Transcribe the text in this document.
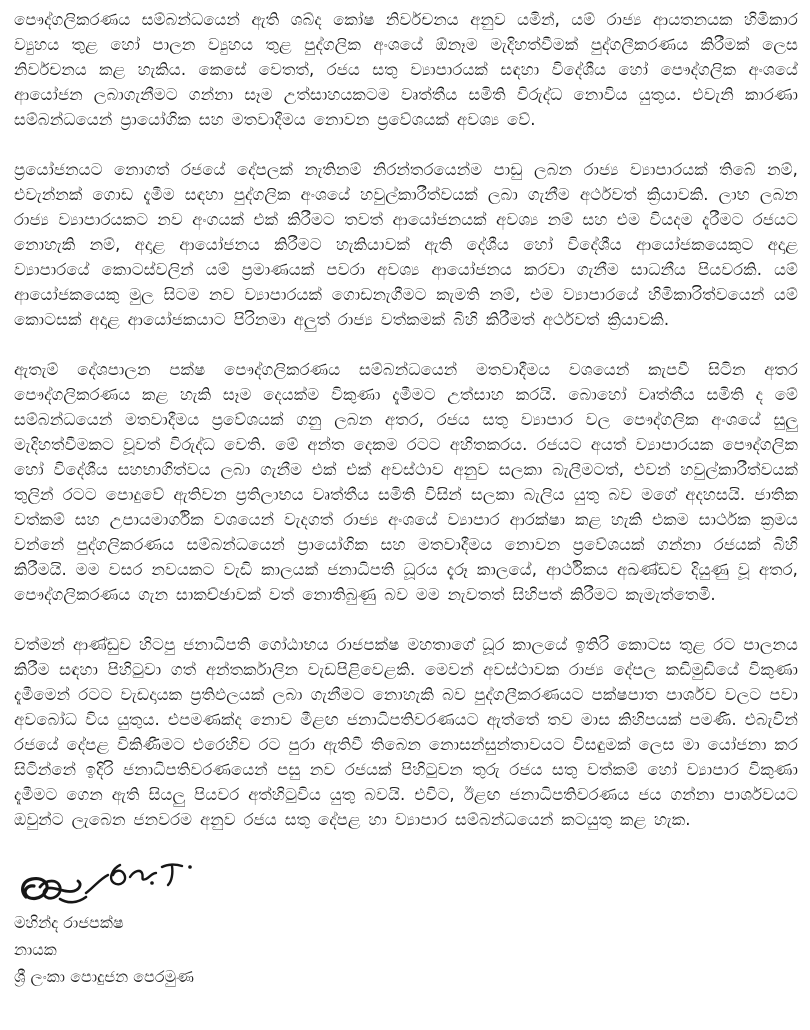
පෞද්ගලිකරණය සම්බන්ධයෙන් ඇති ශබ්ද කෝෂ නිර්වචනය අනුව යමින්, යම් රාජ්‍ය ආයතනයක හිමිකාර ව්‍යුහය තුළ හෝ පාලන ව්‍යුහය තුළ පුද්ගලික අංශයේ ඕනෑම මැදිහත්වීමක් පුද්ගලීකරණය කිරීමක් ලෙස නිර්වචනය කළ හැකිය. කෙසේ වෙතත්, රජය සතු ව්‍යාපාරයක් සඳහා විදේශීය හෝ පෞද්ගලික අංශයේ ආයෝජන ලබාගැනීමට ගන්නා සෑම උත්සාහයකටම වෘත්තීය සමිති විරුද්ධ නොවිය යුතුය. එවැනි කාරණා සම්බන්ධයෙන් ප්‍රායෝගික සහ මතවාදීමය නොවන ප්‍රවේශයක් අවශ්‍ය වේ.

ප්‍රයෝජනයට නොගත් රජයේ දේපලක් නැතිනම් නිරන්තරයෙන්ම පාඩු ලබන රාජ්‍ය ව්‍යාපාරයක් තිබේ නම්, එවැන්නක් ගොඩ දැමීම සඳහා පුද්ගලික අංශයේ හවුල්කාරීත්වයක් ලබා ගැනීම අර්ථවත් ක්‍රියාවකි. ලාභ ලබන රාජ්‍ය ව්‍යාපාරයකට නව අංගයක් එක් කිරීමට තවත් ආයෝජනයක් අවශ්‍ය නම් සහ එම වියදම දැරීමට රජයට නොහැකි නම්, අදාළ ආයෝජනය කිරීමට හැකියාවක් ඇති දේශීය හෝ විදේශීය ආයෝජකයෙකුට අදාළ ව්‍යාපාරයේ කොටස්වලින් යම් ප්‍රමාණයක් පවරා අවශ්‍ය ආයෝජනය කරවා ගැනීම සාධනීය පියවරකි. යම් ආයෝජකයෙකු මුල සිටම නව ව්‍යාපාරයක් ගොඩනැගීමට කැමති නම්, එම ව්‍යාපාරයේ හිමිකාරිත්වයෙන් යම් කොටසක් අදාළ ආයෝජකයාට පිරිනමා අලුත් රාජ්‍ය වත්කමක් බිහි කිරීමත් අර්ථවත් ක්‍රියාවකි.

ඇතැම් දේශපාලන පක්ෂ පෞද්ගලිකරණය සම්බන්ධයෙන් මතවාදීමය වශයෙන් කැපවී සිටින අතර පෞද්ගලිකරණය කළ හැකි සෑම දෙයක්ම විකුණා දැමීමට උත්සාහ කරයි. බොහෝ වෘත්තීය සමිති ද මේ සම්බන්ධයෙන් මතවාදීමය ප්‍රවේශයක් ගනු ලබන අතර, රජය සතු ව්‍යාපාර වල පෞද්ගලික අංශයේ සුලු මැදිහත්වීමකට වූවත් විරුද්ධ වෙති. මේ අන්ත දෙකම රටට අහිතකරය. රජයට අයත් ව්‍යාපාරයක පෞද්ගලික හෝ විදේශීය සහභාගිත්වය ලබා ගැනීම එක් එක් අවස්ථාව අනුව සලකා බැලීමටත්, එවන් හවුල්කාරීත්වයක් තුලින් රටට පොදුවේ ඇතිවන ප්‍රතිලාභය වෘත්තීය සමිති විසින් සලකා බැලිය යුතු බව මගේ අදහසයි. ජාතික වත්කම් සහ උපායමාර්ගික වශයෙන් වැදගත් රාජ්‍ය අංශයේ ව්‍යාපාර ආරක්ෂා කළ හැකි එකම සාර්ථක ක්‍රමය වන්නේ පුද්ගලිකරණය සම්බන්ධයෙන් ප්‍රායෝගික සහ මතවාදීමය නොවන ප්‍රවේශයක් ගන්නා රජයක් බිහි කිරීමයි. මම වසර නවයකට වැඩි කාලයක් ජනාධිපති ධූරය දැරූ කාලයේ, ආර්ථිකය අඛණ්ඩව දියුණු වූ අතර, පෞද්ගලිකරණය ගැන සාකච්ඡාවක් වත් නොතිබුණු බව මම නැවතත් සිහිපත් කිරීමට කැමැත්තෙමි.

වත්මන් ආණ්ඩුව හිටපු ජනාධිපති ගෝඨාභය රාජපක්ෂ මහතාගේ ධූර කාලයේ ඉතිරි කොටස තුළ රට පාලනය කිරීම සඳහා පිහිටුවා ගත් අන්තර්කාලින වැඩපිළිවෙළකි. මෙවන් අවස්ථාවක රාජ්‍ය දේපල කඩිමුඩියේ විකුණා දැමීමෙන් රටට වැඩදායක ප්‍රතිඵලයක් ලබා ගැනීමට නොහැකි බව පුද්ගලීකරණයට පක්ෂපාත පාර්ශව වලට පවා අවබෝධ විය යුතුය. එපමණක්ද නොව මීළඟ ජනාධිපතිවරණයට ඇත්තේ තව මාස කිහිපයක් පමණි. එබැවින් රජයේ දේපළ විකිණීමට එරෙහිව රට පුරා ඇතිවී තිබෙන නොසන්සුන්තාවයට විසඳුමක් ලෙස මා යෝජනා කර සිටින්නේ ඉදිරි ජනාධිපතිවරණයෙන් පසු නව රජයක් පිහිටුවන තුරු රජය සතු වත්කම් හෝ ව්‍යාපාර විකුණා දැමීමට ගෙන ඇති සියලු පියවර අත්හිටුවිය යුතු බවයි. එවිට, ඊළඟ ජනාධිපතිවරණය ජය ගන්නා පාර්ශවයට ඔවුන්ට ලැබෙන ජනවරම අනුව රජය සතු දේපළ හා ව්‍යාපාර සම්බන්ධයෙන් කටයුතු කළ හැක.

මහින්ද රාජපක්ෂ
නායක
ශ්‍රී ලංකා පොදුජන පෙරමුණ
